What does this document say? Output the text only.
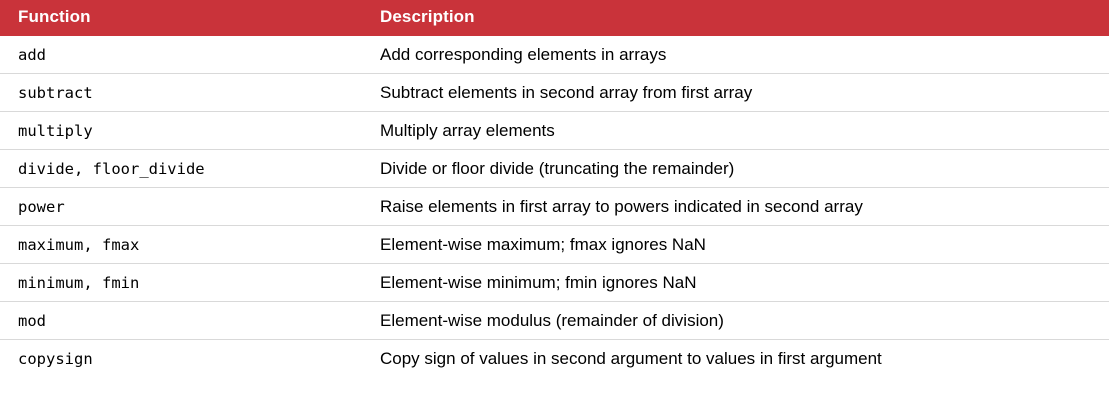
Function	Description
add	Add corresponding elements in arrays
subtract	Subtract elements in second array from first array
multiply	Multiply array elements
divide, floor_divide	Divide or floor divide (truncating the remainder)
power	Raise elements in first array to powers indicated in second array
maximum, fmax	Element-wise maximum; fmax ignores NaN
minimum, fmin	Element-wise minimum; fmin ignores NaN
mod	Element-wise modulus (remainder of division)
copysign	Copy sign of values in second argument to values in first argument
